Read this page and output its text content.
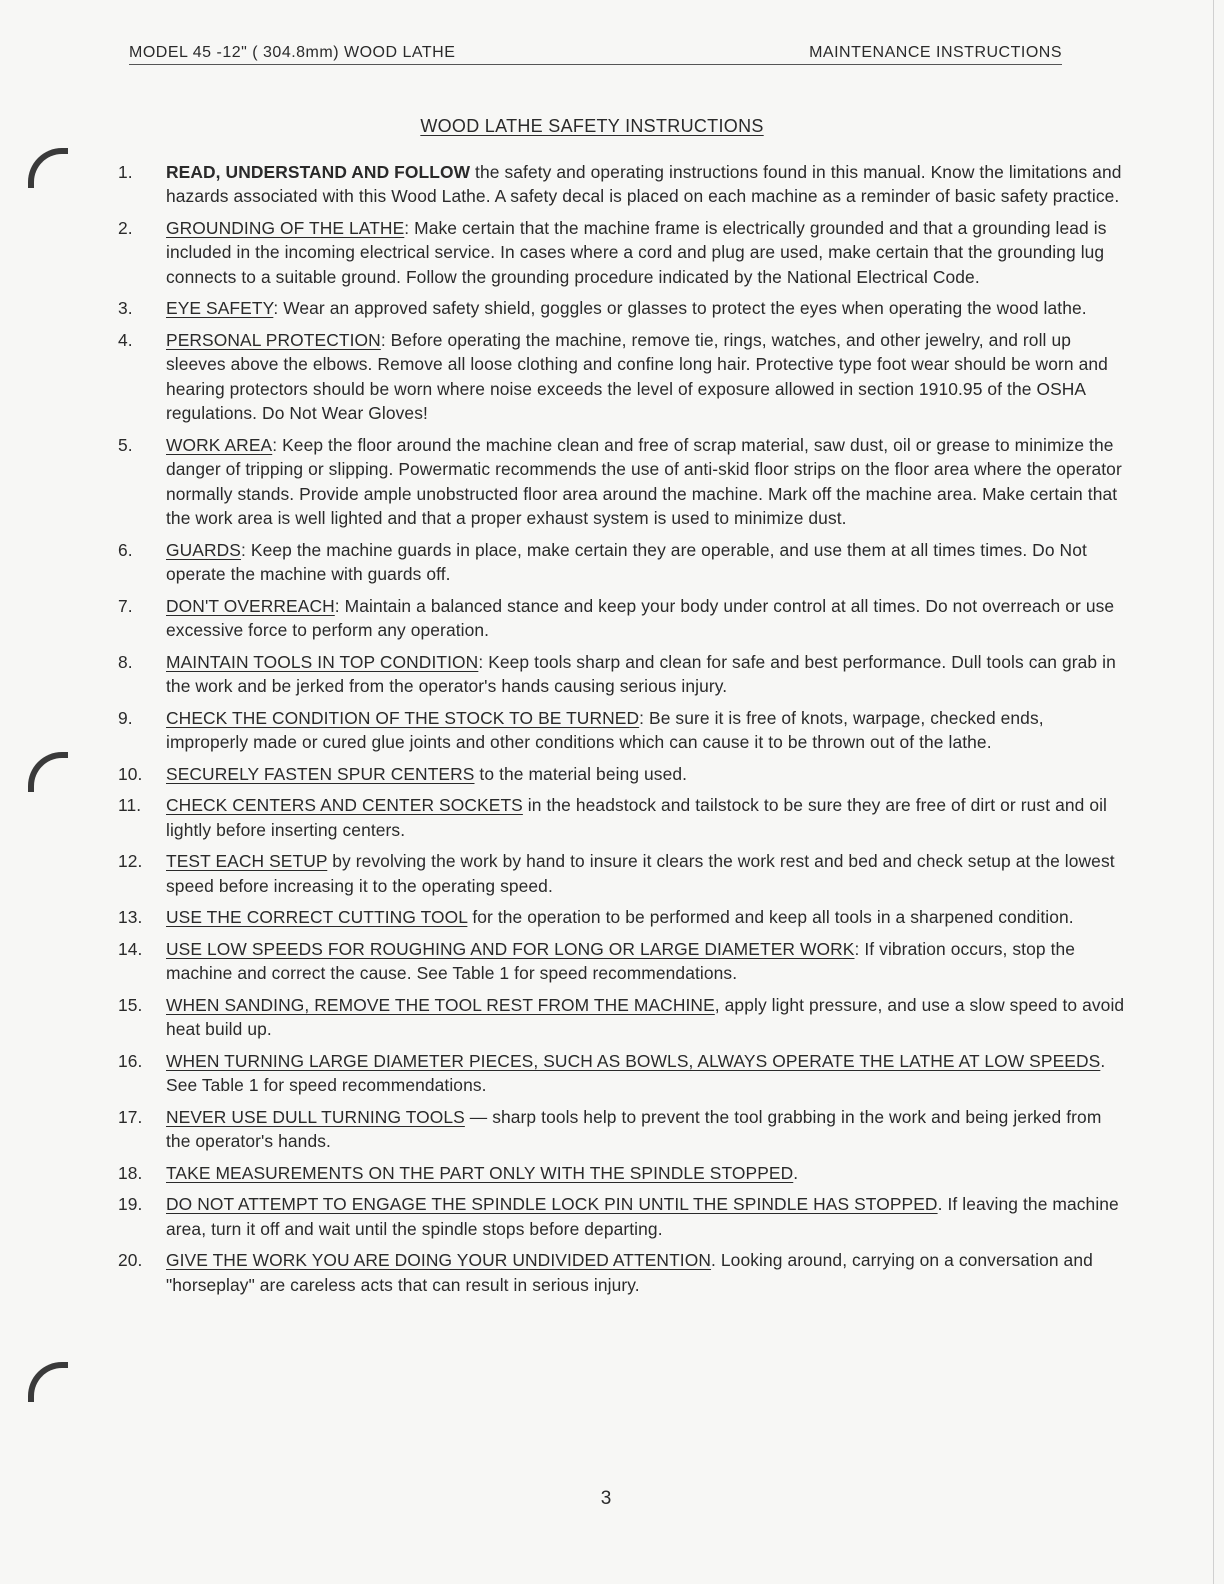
MODEL 45 -12" ( 304.8mm) WOOD LATHE	MAINTENANCE INSTRUCTIONS
WOOD LATHE SAFETY INSTRUCTIONS
1.	READ, UNDERSTAND AND FOLLOW the safety and operating instructions found in this manual. Know the limitations and hazards associated with this Wood Lathe. A safety decal is placed on each machine as a reminder of basic safety practice.
2.	GROUNDING OF THE LATHE: Make certain that the machine frame is electrically grounded and that a grounding lead is included in the incoming electrical service. In cases where a cord and plug are used, make certain that the grounding lug connects to a suitable ground. Follow the grounding procedure indicated by the National Electrical Code.
3.	EYE SAFETY: Wear an approved safety shield, goggles or glasses to protect the eyes when operating the wood lathe.
4.	PERSONAL PROTECTION: Before operating the machine, remove tie, rings, watches, and other jewelry, and roll up sleeves above the elbows. Remove all loose clothing and confine long hair. Protective type foot wear should be worn and hearing protectors should be worn where noise exceeds the level of exposure allowed in section 1910.95 of the OSHA regulations. Do Not Wear Gloves!
5.	WORK AREA: Keep the floor around the machine clean and free of scrap material, saw dust, oil or grease to minimize the danger of tripping or slipping. Powermatic recommends the use of anti-skid floor strips on the floor area where the operator normally stands. Provide ample unobstructed floor area around the machine. Mark off the machine area. Make certain that the work area is well lighted and that a proper exhaust system is used to minimize dust.
6.	GUARDS: Keep the machine guards in place, make certain they are operable, and use them at all times times. Do Not operate the machine with guards off.
7.	DON'T OVERREACH: Maintain a balanced stance and keep your body under control at all times. Do not overreach or use excessive force to perform any operation.
8.	MAINTAIN TOOLS IN TOP CONDITION: Keep tools sharp and clean for safe and best performance. Dull tools can grab in the work and be jerked from the operator's hands causing serious injury.
9.	CHECK THE CONDITION OF THE STOCK TO BE TURNED: Be sure it is free of knots, warpage, checked ends, improperly made or cured glue joints and other conditions which can cause it to be thrown out of the lathe.
10.	SECURELY FASTEN SPUR CENTERS to the material being used.
11.	CHECK CENTERS AND CENTER SOCKETS in the headstock and tailstock to be sure they are free of dirt or rust and oil lightly before inserting centers.
12.	TEST EACH SETUP by revolving the work by hand to insure it clears the work rest and bed and check setup at the lowest speed before increasing it to the operating speed.
13.	USE THE CORRECT CUTTING TOOL for the operation to be performed and keep all tools in a sharpened condition.
14.	USE LOW SPEEDS FOR ROUGHING AND FOR LONG OR LARGE DIAMETER WORK: If vibration occurs, stop the machine and correct the cause. See Table 1 for speed recommendations.
15.	WHEN SANDING, REMOVE THE TOOL REST FROM THE MACHINE, apply light pressure, and use a slow speed to avoid heat build up.
16.	WHEN TURNING LARGE DIAMETER PIECES, SUCH AS BOWLS, ALWAYS OPERATE THE LATHE AT LOW SPEEDS. See Table 1 for speed recommendations.
17.	NEVER USE DULL TURNING TOOLS — sharp tools help to prevent the tool grabbing in the work and being jerked from the operator's hands.
18.	TAKE MEASUREMENTS ON THE PART ONLY WITH THE SPINDLE STOPPED.
19.	DO NOT ATTEMPT TO ENGAGE THE SPINDLE LOCK PIN UNTIL THE SPINDLE HAS STOPPED. If leaving the machine area, turn it off and wait until the spindle stops before departing.
20.	GIVE THE WORK YOU ARE DOING YOUR UNDIVIDED ATTENTION. Looking around, carrying on a conversation and "horseplay" are careless acts that can result in serious injury.
3
